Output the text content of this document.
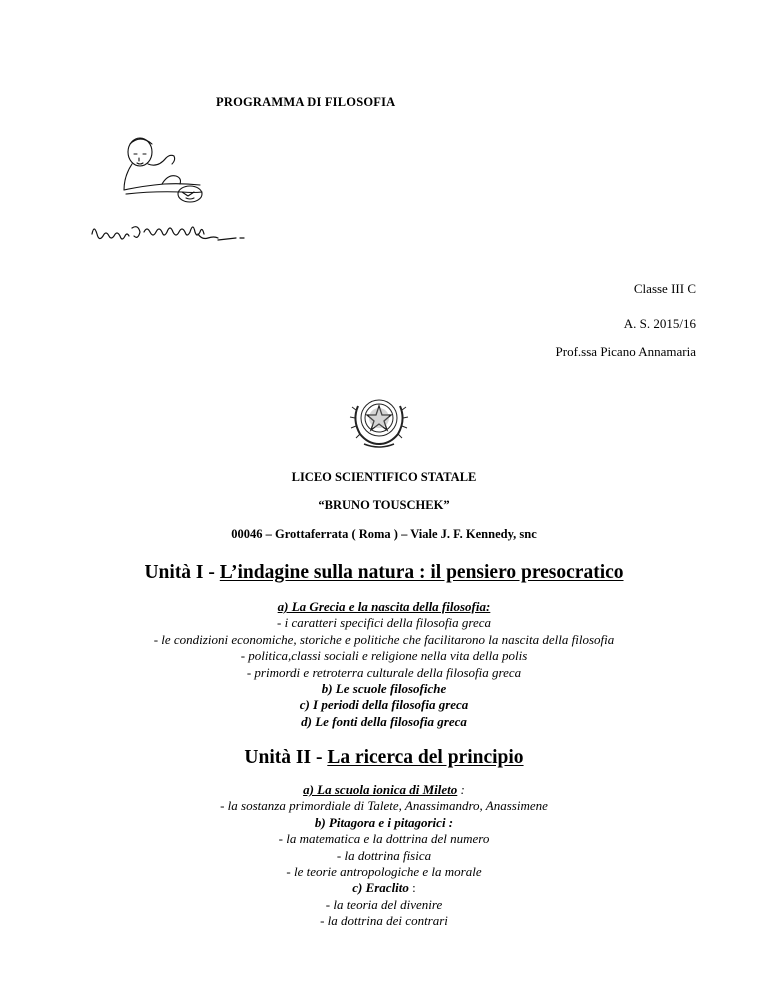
PROGRAMMA DI FILOSOFIA
Classe III C
A. S. 2015/16
Prof.ssa Picano Annamaria
LICEO SCIENTIFICO STATALE
“BRUNO TOUSCHEK”
00046 – Grottaferrata ( Roma ) – Viale J. F. Kennedy, snc
Unità I - L’indagine sulla natura : il pensiero presocratico
a) La Grecia e la nascita della filosofia:
- i caratteri specifici della filosofia greca
- le condizioni economiche, storiche e politiche che facilitarono la nascita della filosofia
- politica,classi sociali e religione nella vita della polis
- primordi e retroterra culturale della filosofia greca
b) Le scuole filosofiche
c) I periodi della filosofia greca
d) Le fonti della filosofia greca
Unità II - La ricerca del principio
a) La scuola ionica di Mileto :
- la sostanza primordiale di Talete, Anassimandro, Anassimene
b) Pitagora e i pitagorici :
- la matematica e la dottrina del numero
- la dottrina fisica
- le teorie antropologiche e la morale
c) Eraclito :
- la teoria del divenire
- la dottrina dei contrari
